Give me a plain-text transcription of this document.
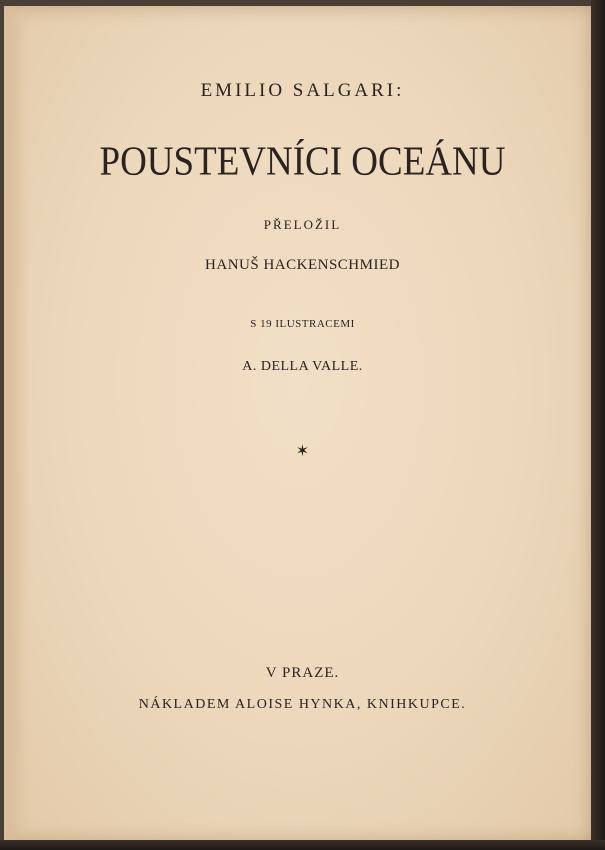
EMILIO SALGARI:
POUSTEVNÍCI OCEÁNU
PŘELOŽIL
HANUŠ HACKENSCHMIED
S 19 ILUSTRACEMI
A. DELLA VALLE.
✶
V PRAZE.
NÁKLADEM ALOISE HYNKA, KNIHKUPCE.
